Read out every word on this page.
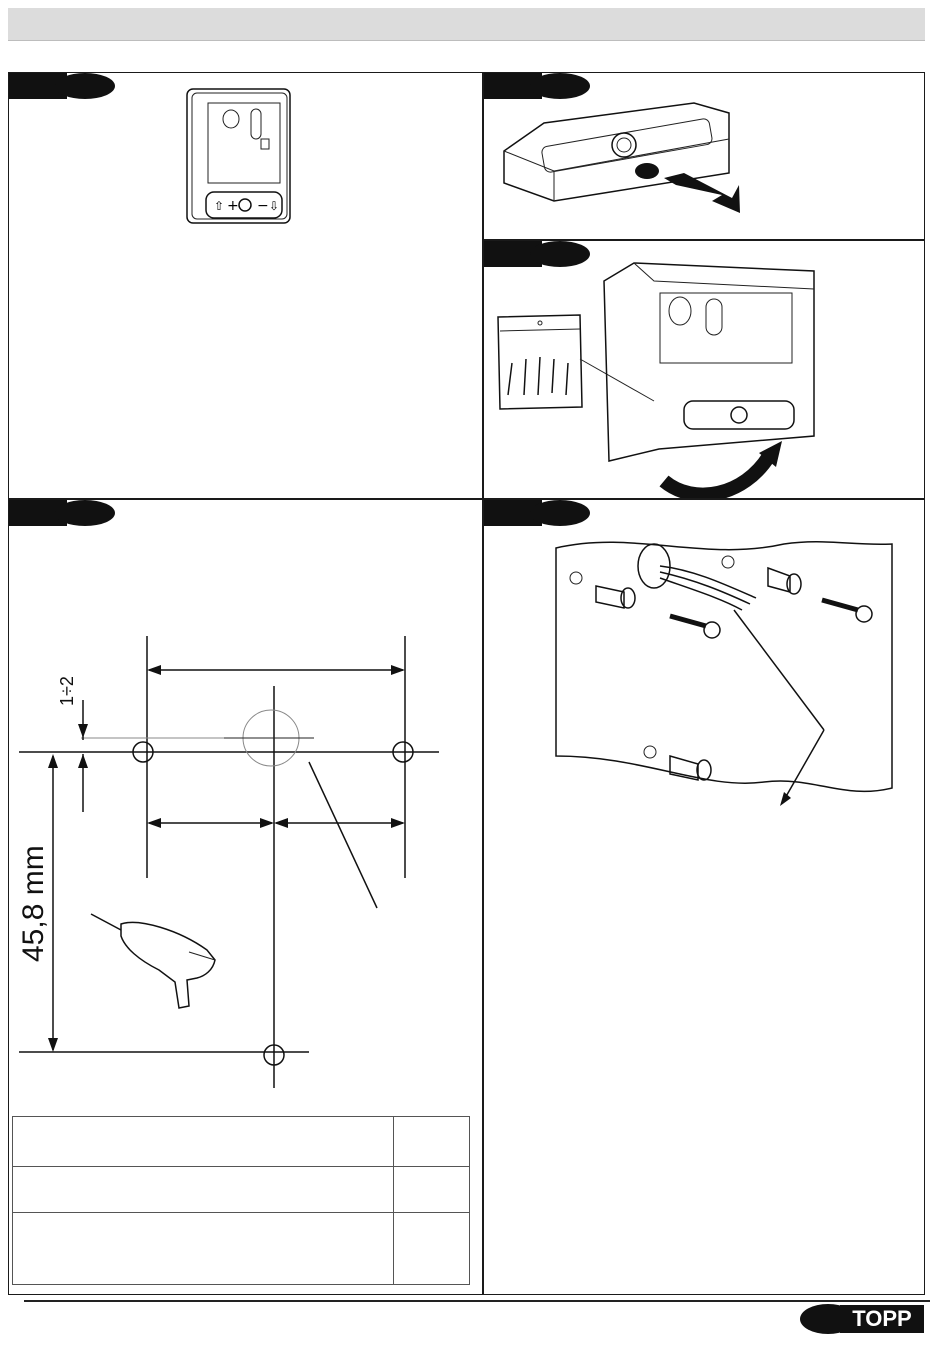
⇧ + − ⇩
1÷2
45,8 mm

TOPP
